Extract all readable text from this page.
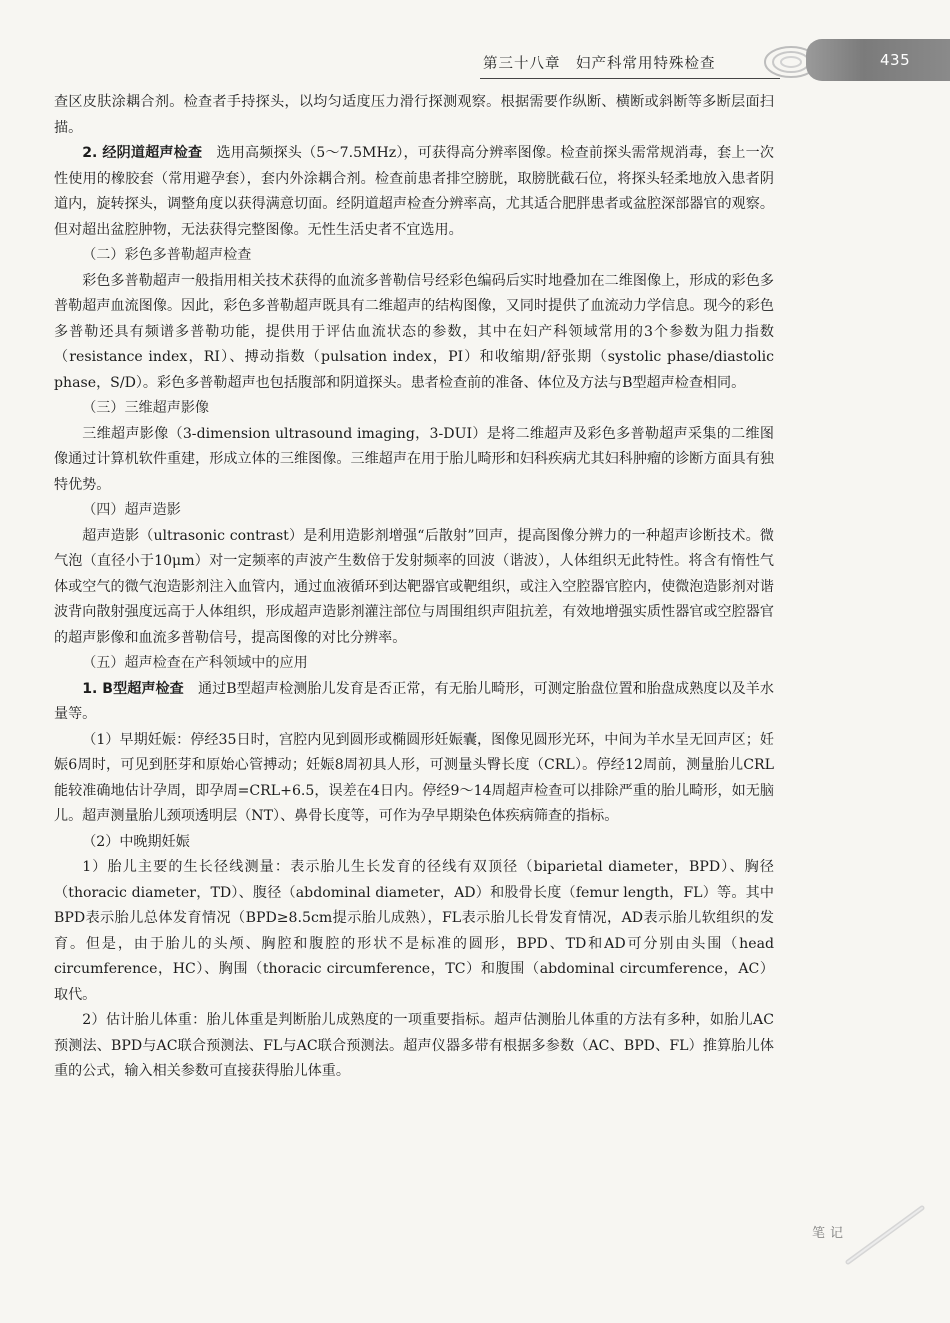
第三十八章　妇产科常用特殊检查	435

查区皮肤涂耦合剂。检查者手持探头，以均匀适度压力滑行探测观察。根据需要作纵断、横断或斜断等多断层面扫描。

2. 经阴道超声检查　选用高频探头（5～7.5MHz），可获得高分辨率图像。检查前探头需常规消毒，套上一次性使用的橡胶套（常用避孕套），套内外涂耦合剂。检查前患者排空膀胱，取膀胱截石位，将探头轻柔地放入患者阴道内，旋转探头，调整角度以获得满意切面。经阴道超声检查分辨率高，尤其适合肥胖患者或盆腔深部器官的观察。但对超出盆腔肿物，无法获得完整图像。无性生活史者不宜选用。

（二）彩色多普勒超声检查

彩色多普勒超声一般指用相关技术获得的血流多普勒信号经彩色编码后实时地叠加在二维图像上，形成的彩色多普勒超声血流图像。因此，彩色多普勒超声既具有二维超声的结构图像，又同时提供了血流动力学信息。现今的彩色多普勒还具有频谱多普勒功能，提供用于评估血流状态的参数，其中在妇产科领域常用的3个参数为阻力指数（resistance index，RI）、搏动指数（pulsation index，PI）和收缩期/舒张期（systolic phase/diastolic phase，S/D）。彩色多普勒超声也包括腹部和阴道探头。患者检查前的准备、体位及方法与B型超声检查相同。

（三）三维超声影像

三维超声影像（3-dimension ultrasound imaging，3-DUI）是将二维超声及彩色多普勒超声采集的二维图像通过计算机软件重建，形成立体的三维图像。三维超声在用于胎儿畸形和妇科疾病尤其妇科肿瘤的诊断方面具有独特优势。

（四）超声造影

超声造影（ultrasonic contrast）是利用造影剂增强“后散射”回声，提高图像分辨力的一种超声诊断技术。微气泡（直径小于10μm）对一定频率的声波产生数倍于发射频率的回波（谐波），人体组织无此特性。将含有惰性气体或空气的微气泡造影剂注入血管内，通过血液循环到达靶器官或靶组织，或注入空腔器官腔内，使微泡造影剂对谐波背向散射强度远高于人体组织，形成超声造影剂灌注部位与周围组织声阻抗差，有效地增强实质性器官或空腔器官的超声影像和血流多普勒信号，提高图像的对比分辨率。

（五）超声检查在产科领域中的应用

1. B型超声检查　通过B型超声检测胎儿发育是否正常，有无胎儿畸形，可测定胎盘位置和胎盘成熟度以及羊水量等。

（1）早期妊娠：停经35日时，宫腔内见到圆形或椭圆形妊娠囊，图像见圆形光环，中间为羊水呈无回声区；妊娠6周时，可见到胚芽和原始心管搏动；妊娠8周初具人形，可测量头臀长度（CRL）。停经12周前，测量胎儿CRL能较准确地估计孕周，即孕周=CRL+6.5，误差在4日内。停经9～14周超声检查可以排除严重的胎儿畸形，如无脑儿。超声测量胎儿颈项透明层（NT）、鼻骨长度等，可作为孕早期染色体疾病筛查的指标。

（2）中晚期妊娠

1）胎儿主要的生长径线测量：表示胎儿生长发育的径线有双顶径（biparietal diameter，BPD）、胸径（thoracic diameter，TD）、腹径（abdominal diameter，AD）和股骨长度（femur length，FL）等。其中BPD表示胎儿总体发育情况（BPD≥8.5cm提示胎儿成熟），FL表示胎儿长骨发育情况，AD表示胎儿软组织的发育。但是，由于胎儿的头颅、胸腔和腹腔的形状不是标准的圆形，BPD、TD和AD可分别由头围（head circumference，HC）、胸围（thoracic circumference，TC）和腹围（abdominal circumference，AC）取代。

2）估计胎儿体重：胎儿体重是判断胎儿成熟度的一项重要指标。超声估测胎儿体重的方法有多种，如胎儿AC预测法、BPD与AC联合预测法、FL与AC联合预测法。超声仪器多带有根据多参数（AC、BPD、FL）推算胎儿体重的公式，输入相关参数可直接获得胎儿体重。

笔记
